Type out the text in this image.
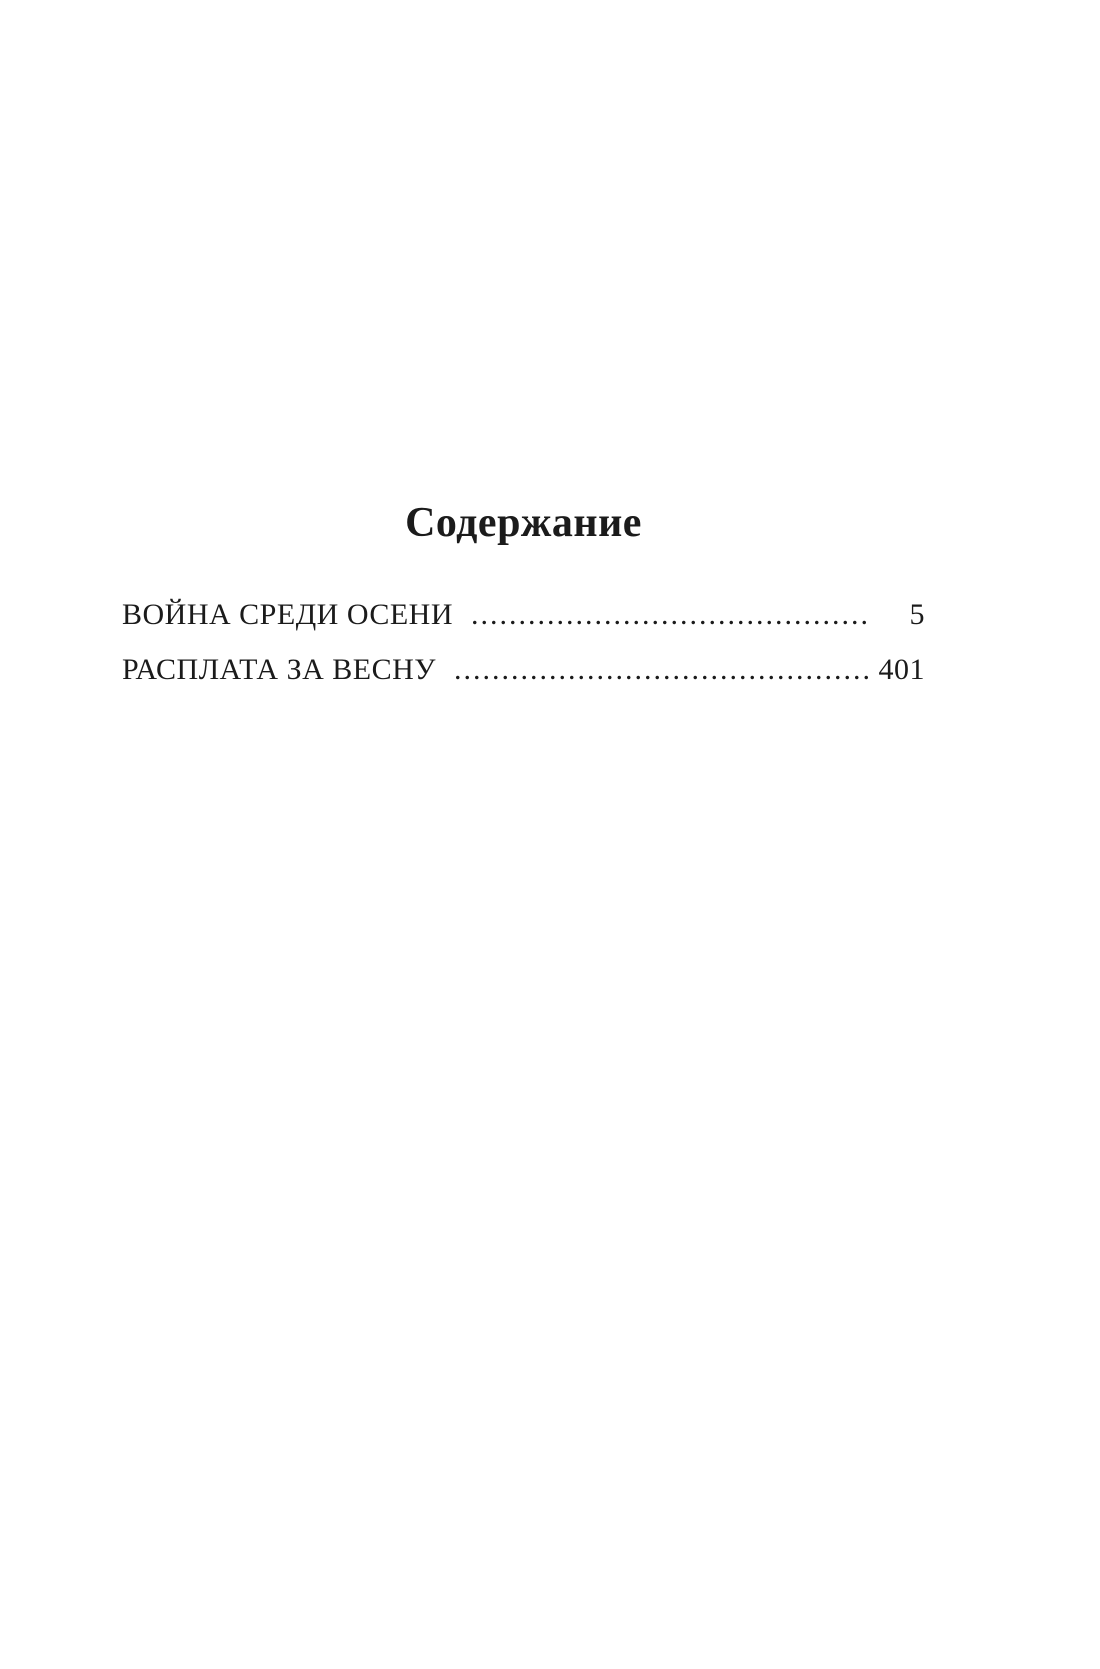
Содержание
ВОЙНА СРЕДИ ОСЕНИ .....	5
РАСПЛАТА ЗА ВЕСНУ .....	401
